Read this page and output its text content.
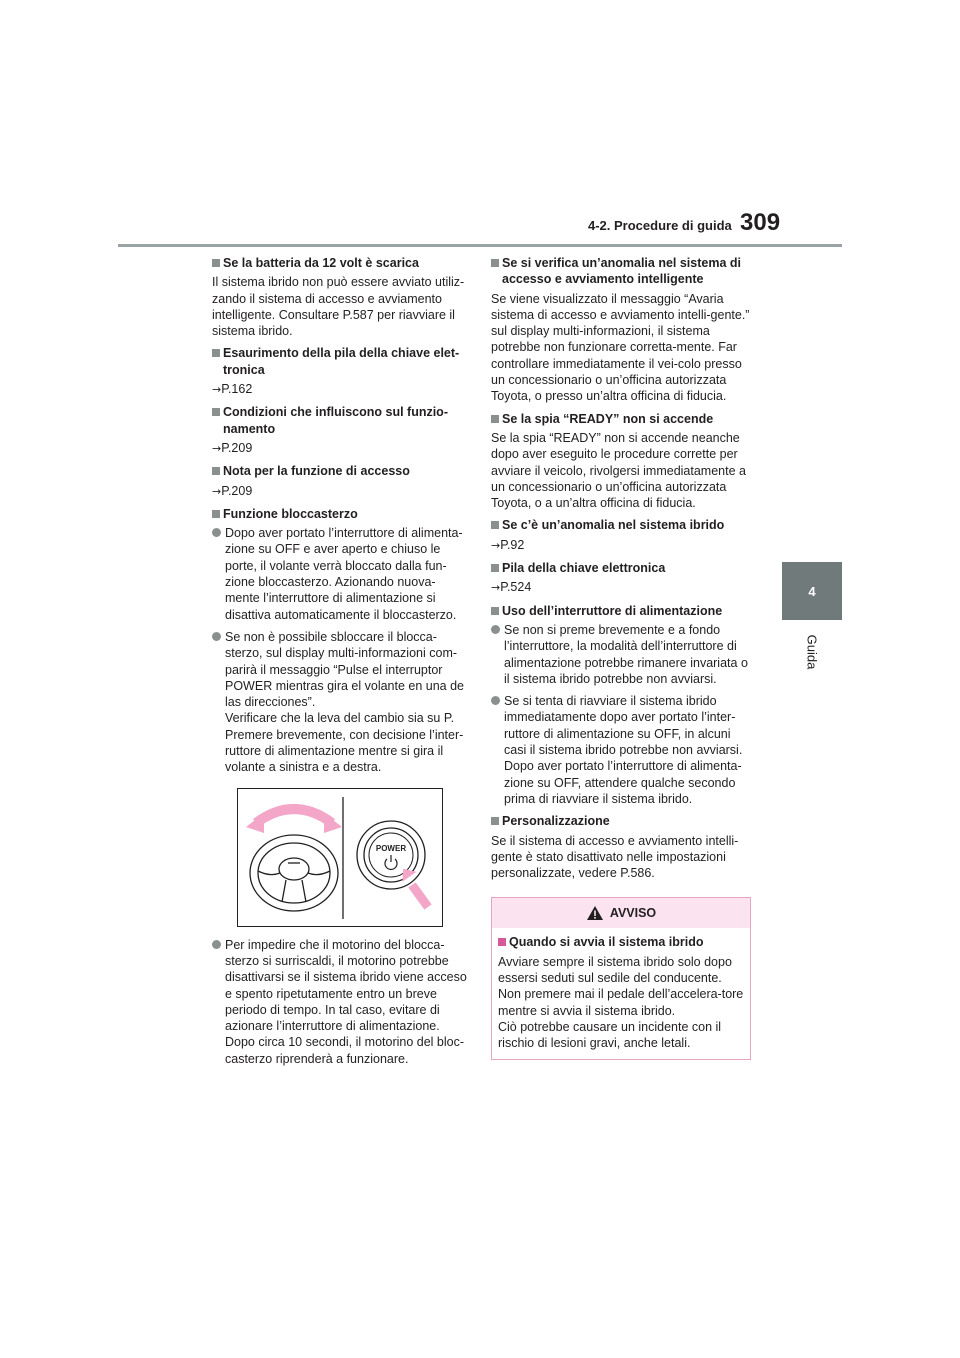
4-2. Procedure di guida 309
4
Guida
Se la batteria da 12 volt è scarica

Il sistema ibrido non può essere avviato utiliz-zando il sistema di accesso e avviamento intelligente. Consultare P.587 per riavviare il sistema ibrido.

Esaurimento della pila della chiave elet-tronica

→P.162

Condizioni che influiscono sul funzio-namento

→P.209

Nota per la funzione di accesso

→P.209

Funzione bloccasterzo
Dopo aver portato l’interruttore di alimenta-zione su OFF e aver aperto e chiuso le porte, il volante verrà bloccato dalla fun-zione bloccasterzo. Azionando nuova-mente l’interruttore di alimentazione si disattiva automaticamente il bloccasterzo.
Se non è possibile sbloccare il blocca-sterzo, sul display multi-informazioni com-parirà il messaggio “Pulse el interruptor POWER mientras gira el volante en una de las direcciones”.
Verificare che la leva del cambio sia su P. Premere brevemente, con decisione l’inter-ruttore di alimentazione mentre si gira il volante a sinistra e a destra.
POWER
Per impedire che il motorino del blocca-sterzo si surriscaldi, il motorino potrebbe disattivarsi se il sistema ibrido viene acceso e spento ripetutamente entro un breve periodo di tempo. In tal caso, evitare di azionare l’interruttore di alimentazione. Dopo circa 10 secondi, il motorino del bloc-casterzo riprenderà a funzionare.
Se si verifica un’anomalia nel sistema di accesso e avviamento intelligente

Se viene visualizzato il messaggio “Avaria sistema di accesso e avviamento intelli-gente.” sul display multi-informazioni, il sistema potrebbe non funzionare corretta-mente. Far controllare immediatamente il vei-colo presso un concessionario o un’officina autorizzata Toyota, o presso un’altra officina di fiducia.

Se la spia “READY” non si accende

Se la spia “READY” non si accende neanche dopo aver eseguito le procedure corrette per avviare il veicolo, rivolgersi immediatamente a un concessionario o un’officina autorizzata Toyota, o a un’altra officina di fiducia.

Se c’è un’anomalia nel sistema ibrido

→P.92

Pila della chiave elettronica

→P.524

Uso dell’interruttore di alimentazione
Se non si preme brevemente e a fondo l’interruttore, la modalità dell’interruttore di alimentazione potrebbe rimanere invariata o il sistema ibrido potrebbe non avviarsi.
Se si tenta di riavviare il sistema ibrido immediatamente dopo aver portato l’inter-ruttore di alimentazione su OFF, in alcuni casi il sistema ibrido potrebbe non avviarsi. Dopo aver portato l’interruttore di alimenta-zione su OFF, attendere qualche secondo prima di riavviare il sistema ibrido.
Personalizzazione

Se il sistema di accesso e avviamento intelli-gente è stato disattivato nelle impostazioni personalizzate, vedere P.586.

AVVISO
Quando si avvia il sistema ibrido

Avviare sempre il sistema ibrido solo dopo essersi seduti sul sedile del conducente. Non premere mai il pedale dell’accelera-tore mentre si avvia il sistema ibrido.

Ciò potrebbe causare un incidente con il rischio di lesioni gravi, anche letali.
